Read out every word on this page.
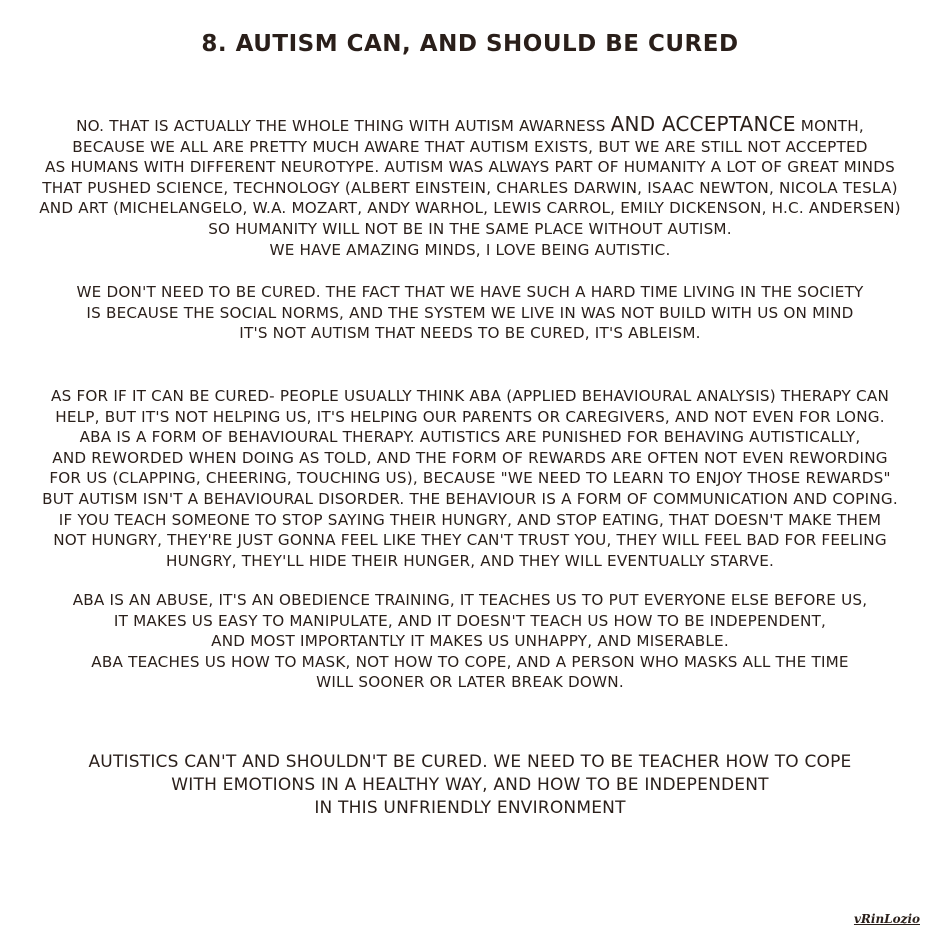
8. AUTISM CAN, AND SHOULD BE CURED
NO. THAT IS ACTUALLY THE WHOLE THING WITH AUTISM AWARNESS AND ACCEPTANCE MONTH,
BECAUSE WE ALL ARE PRETTY MUCH AWARE THAT AUTISM EXISTS, BUT WE ARE STILL NOT ACCEPTED
AS HUMANS WITH DIFFERENT NEUROTYPE. AUTISM WAS ALWAYS PART OF HUMANITY A LOT OF GREAT MINDS
THAT PUSHED SCIENCE, TECHNOLOGY (ALBERT EINSTEIN, CHARLES DARWIN, ISAAC NEWTON, NICOLA TESLA)
AND ART (MICHELANGELO, W.A. MOZART, ANDY WARHOL, LEWIS CARROL, EMILY DICKENSON, H.C. ANDERSEN)
SO HUMANITY WILL NOT BE IN THE SAME PLACE WITHOUT AUTISM.
WE HAVE AMAZING MINDS, I LOVE BEING AUTISTIC.
WE DON'T NEED TO BE CURED. THE FACT THAT WE HAVE SUCH A HARD TIME LIVING IN THE SOCIETY
IS BECAUSE THE SOCIAL NORMS, AND THE SYSTEM WE LIVE IN WAS NOT BUILD WITH US ON MIND
IT'S NOT AUTISM THAT NEEDS TO BE CURED, IT'S ABLEISM.
AS FOR IF IT CAN BE CURED- PEOPLE USUALLY THINK ABA (APPLIED BEHAVIOURAL ANALYSIS) THERAPY CAN
HELP, BUT IT'S NOT HELPING US, IT'S HELPING OUR PARENTS OR CAREGIVERS, AND NOT EVEN FOR LONG.
ABA IS A FORM OF BEHAVIOURAL THERAPY. AUTISTICS ARE PUNISHED FOR BEHAVING AUTISTICALLY,
AND REWORDED WHEN DOING AS TOLD, AND THE FORM OF REWARDS ARE OFTEN NOT EVEN REWORDING
FOR US (CLAPPING, CHEERING, TOUCHING US), BECAUSE "WE NEED TO LEARN TO ENJOY THOSE REWARDS"
BUT AUTISM ISN'T A BEHAVIOURAL DISORDER. THE BEHAVIOUR IS A FORM OF COMMUNICATION AND COPING.
IF YOU TEACH SOMEONE TO STOP SAYING THEIR HUNGRY, AND STOP EATING, THAT DOESN'T MAKE THEM
NOT HUNGRY, THEY'RE JUST GONNA FEEL LIKE THEY CAN'T TRUST YOU, THEY WILL FEEL BAD FOR FEELING
HUNGRY, THEY'LL HIDE THEIR HUNGER, AND THEY WILL EVENTUALLY STARVE.
ABA IS AN ABUSE, IT'S AN OBEDIENCE TRAINING, IT TEACHES US TO PUT EVERYONE ELSE BEFORE US,
IT MAKES US EASY TO MANIPULATE, AND IT DOESN'T TEACH US HOW TO BE INDEPENDENT,
AND MOST IMPORTANTLY IT MAKES US UNHAPPY, AND MISERABLE.
ABA TEACHES US HOW TO MASK, NOT HOW TO COPE, AND A PERSON WHO MASKS ALL THE TIME
WILL SOONER OR LATER BREAK DOWN.
AUTISTICS CAN'T AND SHOULDN'T BE CURED. WE NEED TO BE TEACHER HOW TO COPE
WITH EMOTIONS IN A HEALTHY WAY, AND HOW TO BE INDEPENDENT
IN THIS UNFRIENDLY ENVIRONMENT
vRinLozio
